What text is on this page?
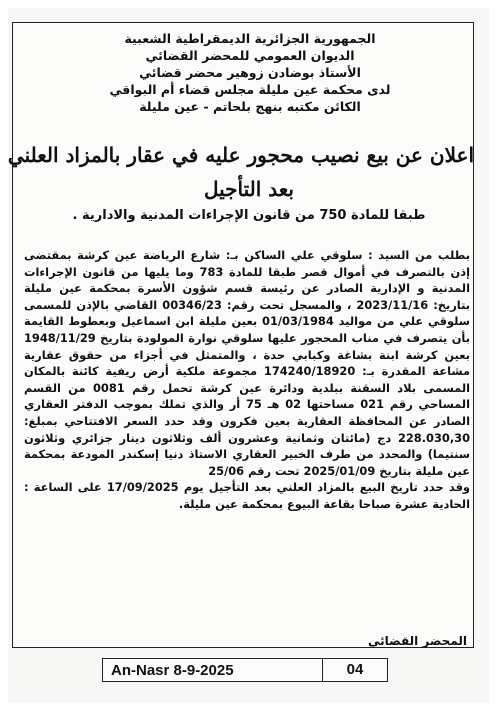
الجمهورية الجزائرية الديمقراطية الشعبية
الديوان العمومي للمحضر القضائي
الأستاذ بوضادن زوهير محضر قضائي
لدى محكمة عين مليلة مجلس قضاء أم البواقي
الكائن مكتبه بنهج بلحاتم - عين مليلة
اعلان عن بيع نصيب محجور عليه في عقار بالمزاد العلني
بعد التأجيل
طبقا للمادة 750 من قانون الإجراءات المدنية والادارية .

بطلب من السيد : سلوقي علي الساكن بـ: شارع الرياضة عين كرشة بمقتضى إذن بالتصرف في أموال قصر طبقا للمادة 783 وما يليها من قانون الإجراءات المدنية و الإدارية الصادر عن رئيسة قسم شؤون الأسرة بمحكمة عين مليلة بتاريخ: 2023/11/16 ، والمسجل تحت رقم: 00346/23 القاضي بالإذن للمسمى سلوقي علي من مواليد 01/03/1984 بعين مليلة ابن اسماعيل وبعطوط القايمة بأن يتصرف في مناب المحجور عليها سلوقي نوارة المولودة بتاريخ 1948/11/29 بعين كرشة ابنة بشاغة وكبابي حدة ، والمتمثل في أجزاء من حقوق عقارية مشاعة المقدرة بـ: 174240/18920 مجموعة ملكية أرض ريفية كائنة بالمكان المسمى بلاد السقنة ببلدية ودائرة عين كرشة تحمل رقم 0081 من القسم المساحي رقم 021 مساحتها 02 هـ 75 أر والذي تملك بموجب الدفتر العقاري الصادر عن المحافظة العقارية بعين فكرون وقد حدد السعر الافتتاحي بمبلغ: 228.030,30 دج (مائتان وثمانية وعشرون ألف وثلاثون دينار جزائري وثلاثون سنتيما) والمحدد من طرف الخبير العقاري الاستاذ دنيا إسكندر المودعة بمحكمة عين مليلة بتاريخ 2025/01/09 تحت رقم 25/06

وقد حدد تاريخ البيع بالمزاد العلني بعد التأجيل يوم 17/09/2025 على الساعة : الحادية عشرة صباحا بقاعة البيوع بمحكمة عين مليلة.

المحضر القضائي
An-Nasr 8-9-2025	04
